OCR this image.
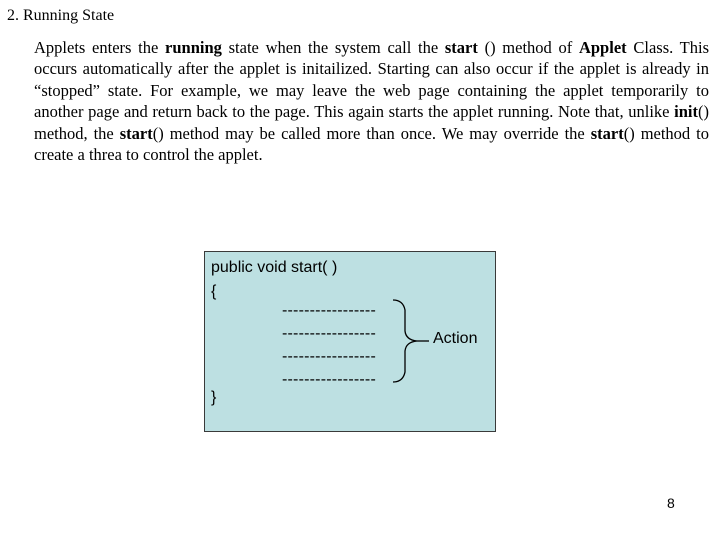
2. Running State
Applets enters the running state when the system call the start () method of Applet Class. This occurs automatically after the applet is initailized. Starting can also occur if the applet is already in “stopped” state. For example, we may leave the web page containing the applet temporarily to another page and return back to the page. This again starts the applet running. Note that, unlike init() method, the start() method may be called more than once. We may override the start() method to create a threa to control the applet.
public void start( )
{
-----------------
-----------------
-----------------
-----------------
Action
}
8
